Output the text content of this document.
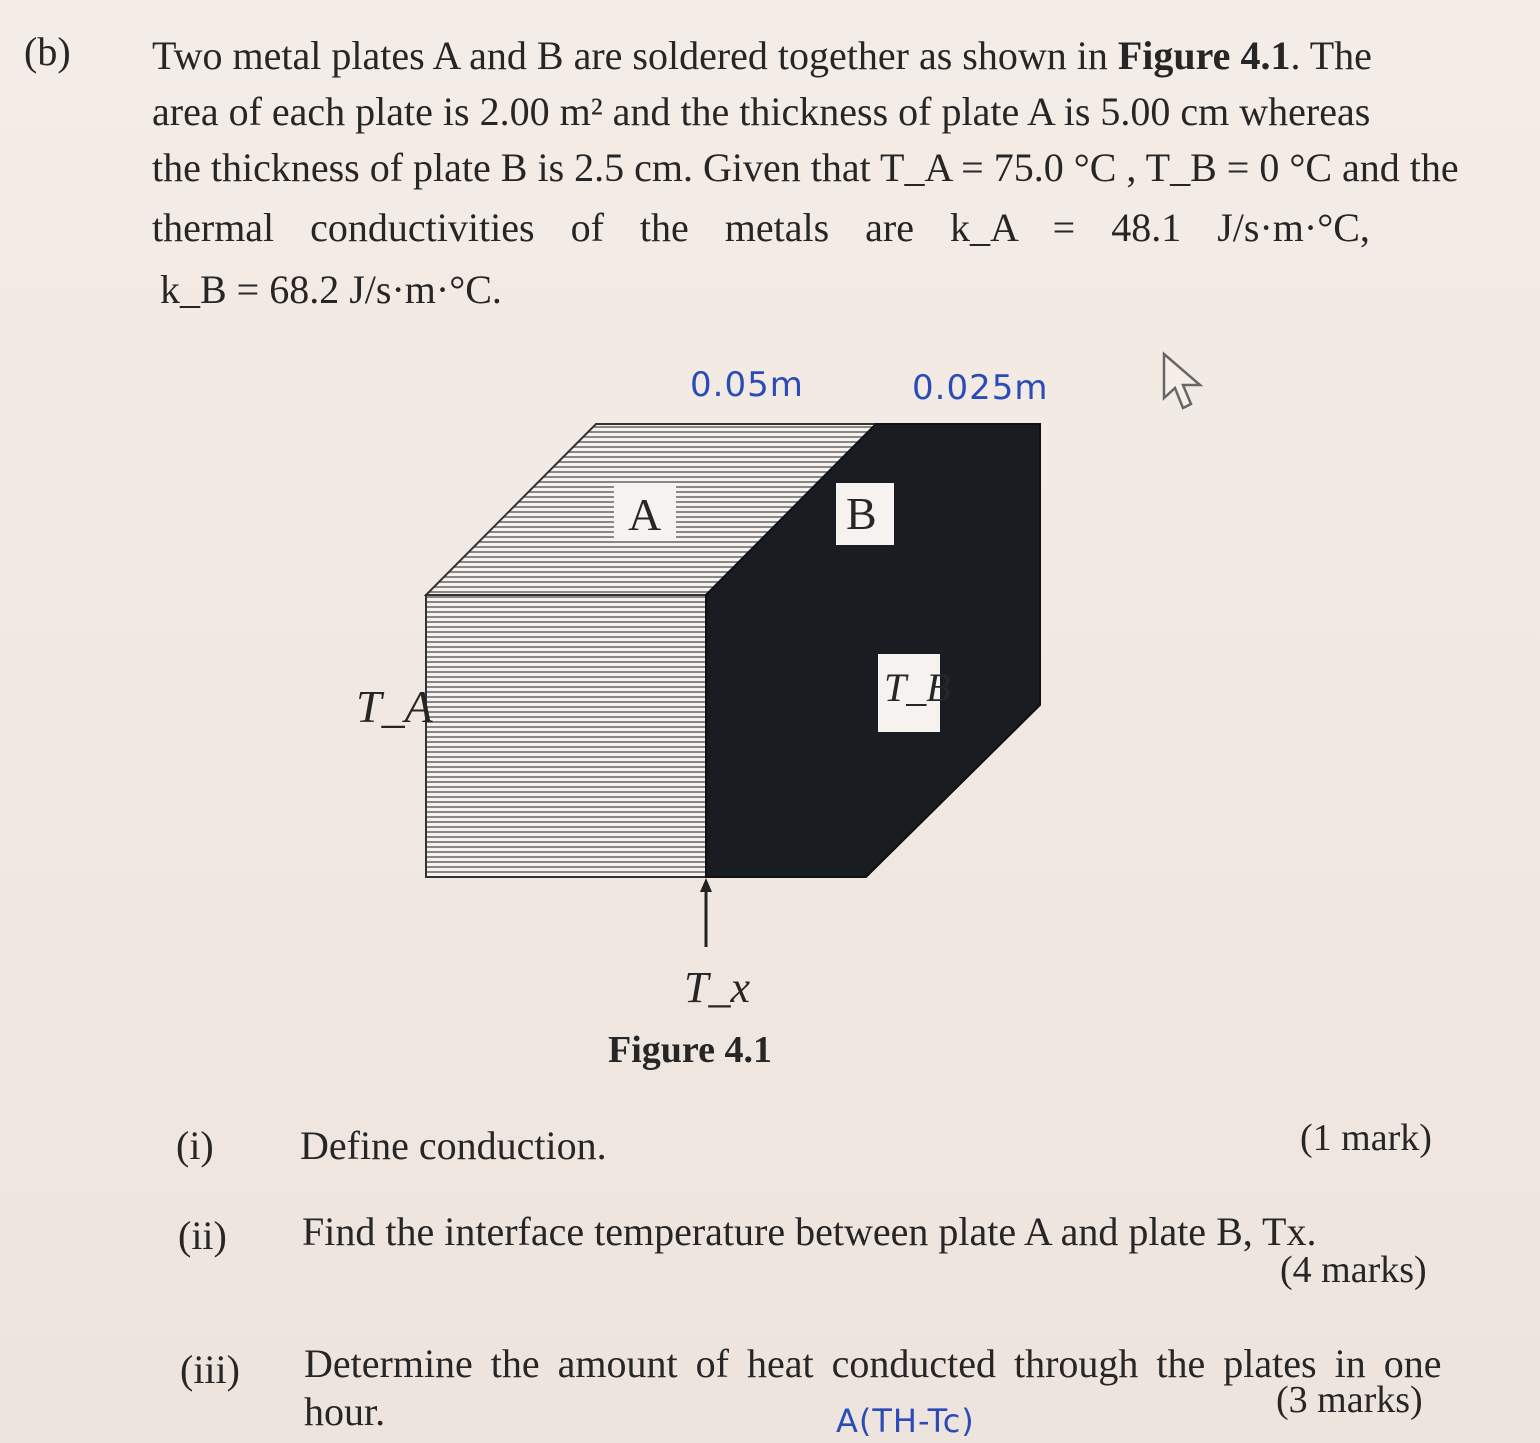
(b) Two metal plates A and B are soldered together as shown in Figure 4.1. The
area of each plate is 2.00 m² and the thickness of plate A is 5.00 cm whereas
the thickness of plate B is 2.5 cm. Given that T_A = 75.0 °C , T_B = 0 °C and the
thermal conductivities of the metals are k_A = 48.1 J/s·m·°C,
k_B = 68.2 J/s·m·°C.
0.05m	0.025m
A	B
T_A	T_B
T_x
Figure 4.1
(i) Define conduction.	(1 mark)
(ii) Find the interface temperature between plate A and plate B, Tx.
(4 marks)
(iii) Determine the amount of heat conducted through the plates in one
hour.	(3 marks)
A(TH-Tc)
